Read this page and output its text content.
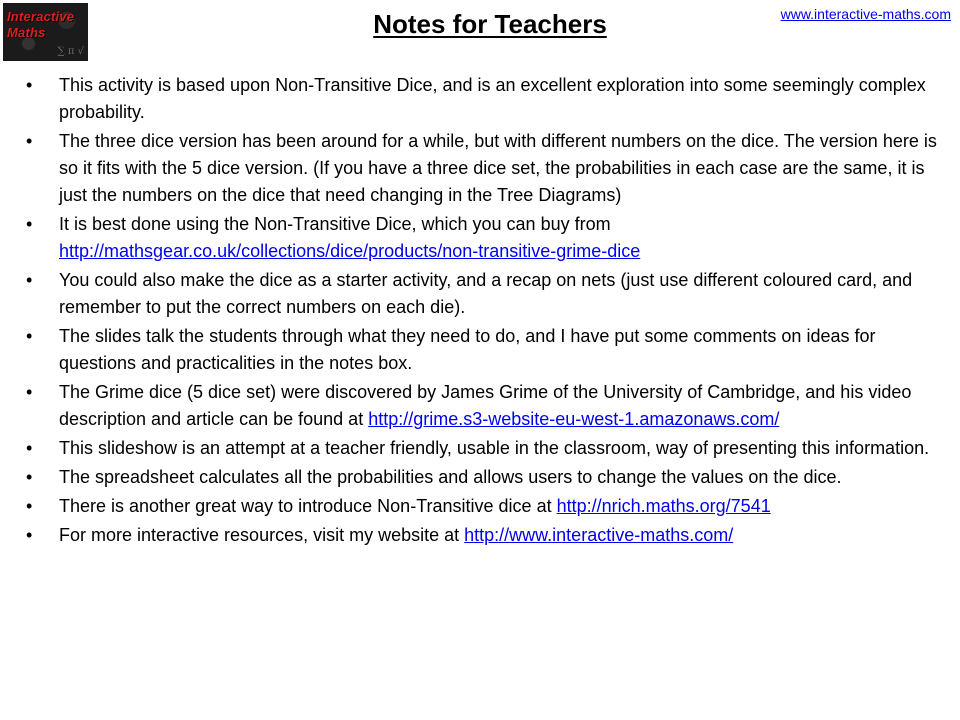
Interactive
Maths
∑ π √
Notes for Teachers	www.interactive-maths.com
• This activity is based upon Non-Transitive Dice, and is an excellent exploration into some seemingly complex probability.
• The three dice version has been around for a while, but with different numbers on the dice. The version here is so it fits with the 5 dice version. (If you have a three dice set, the probabilities in each case are the same, it is just the numbers on the dice that need changing in the Tree Diagrams)
• It is best done using the Non-Transitive Dice, which you can buy from http://mathsgear.co.uk/collections/dice/products/non-transitive-grime-dice
• You could also make the dice as a starter activity, and a recap on nets (just use different coloured card, and remember to put the correct numbers on each die).
• The slides talk the students through what they need to do, and I have put some comments on ideas for questions and practicalities in the notes box.
• The Grime dice (5 dice set) were discovered by James Grime of the University of Cambridge, and his video description and article can be found at http://grime.s3-website-eu-west-1.amazonaws.com/
• This slideshow is an attempt at a teacher friendly, usable in the classroom, way of presenting this information.
• The spreadsheet calculates all the probabilities and allows users to change the values on the dice.
• There is another great way to introduce Non-Transitive dice at http://nrich.maths.org/7541
• For more interactive resources, visit my website at http://www.interactive-maths.com/
